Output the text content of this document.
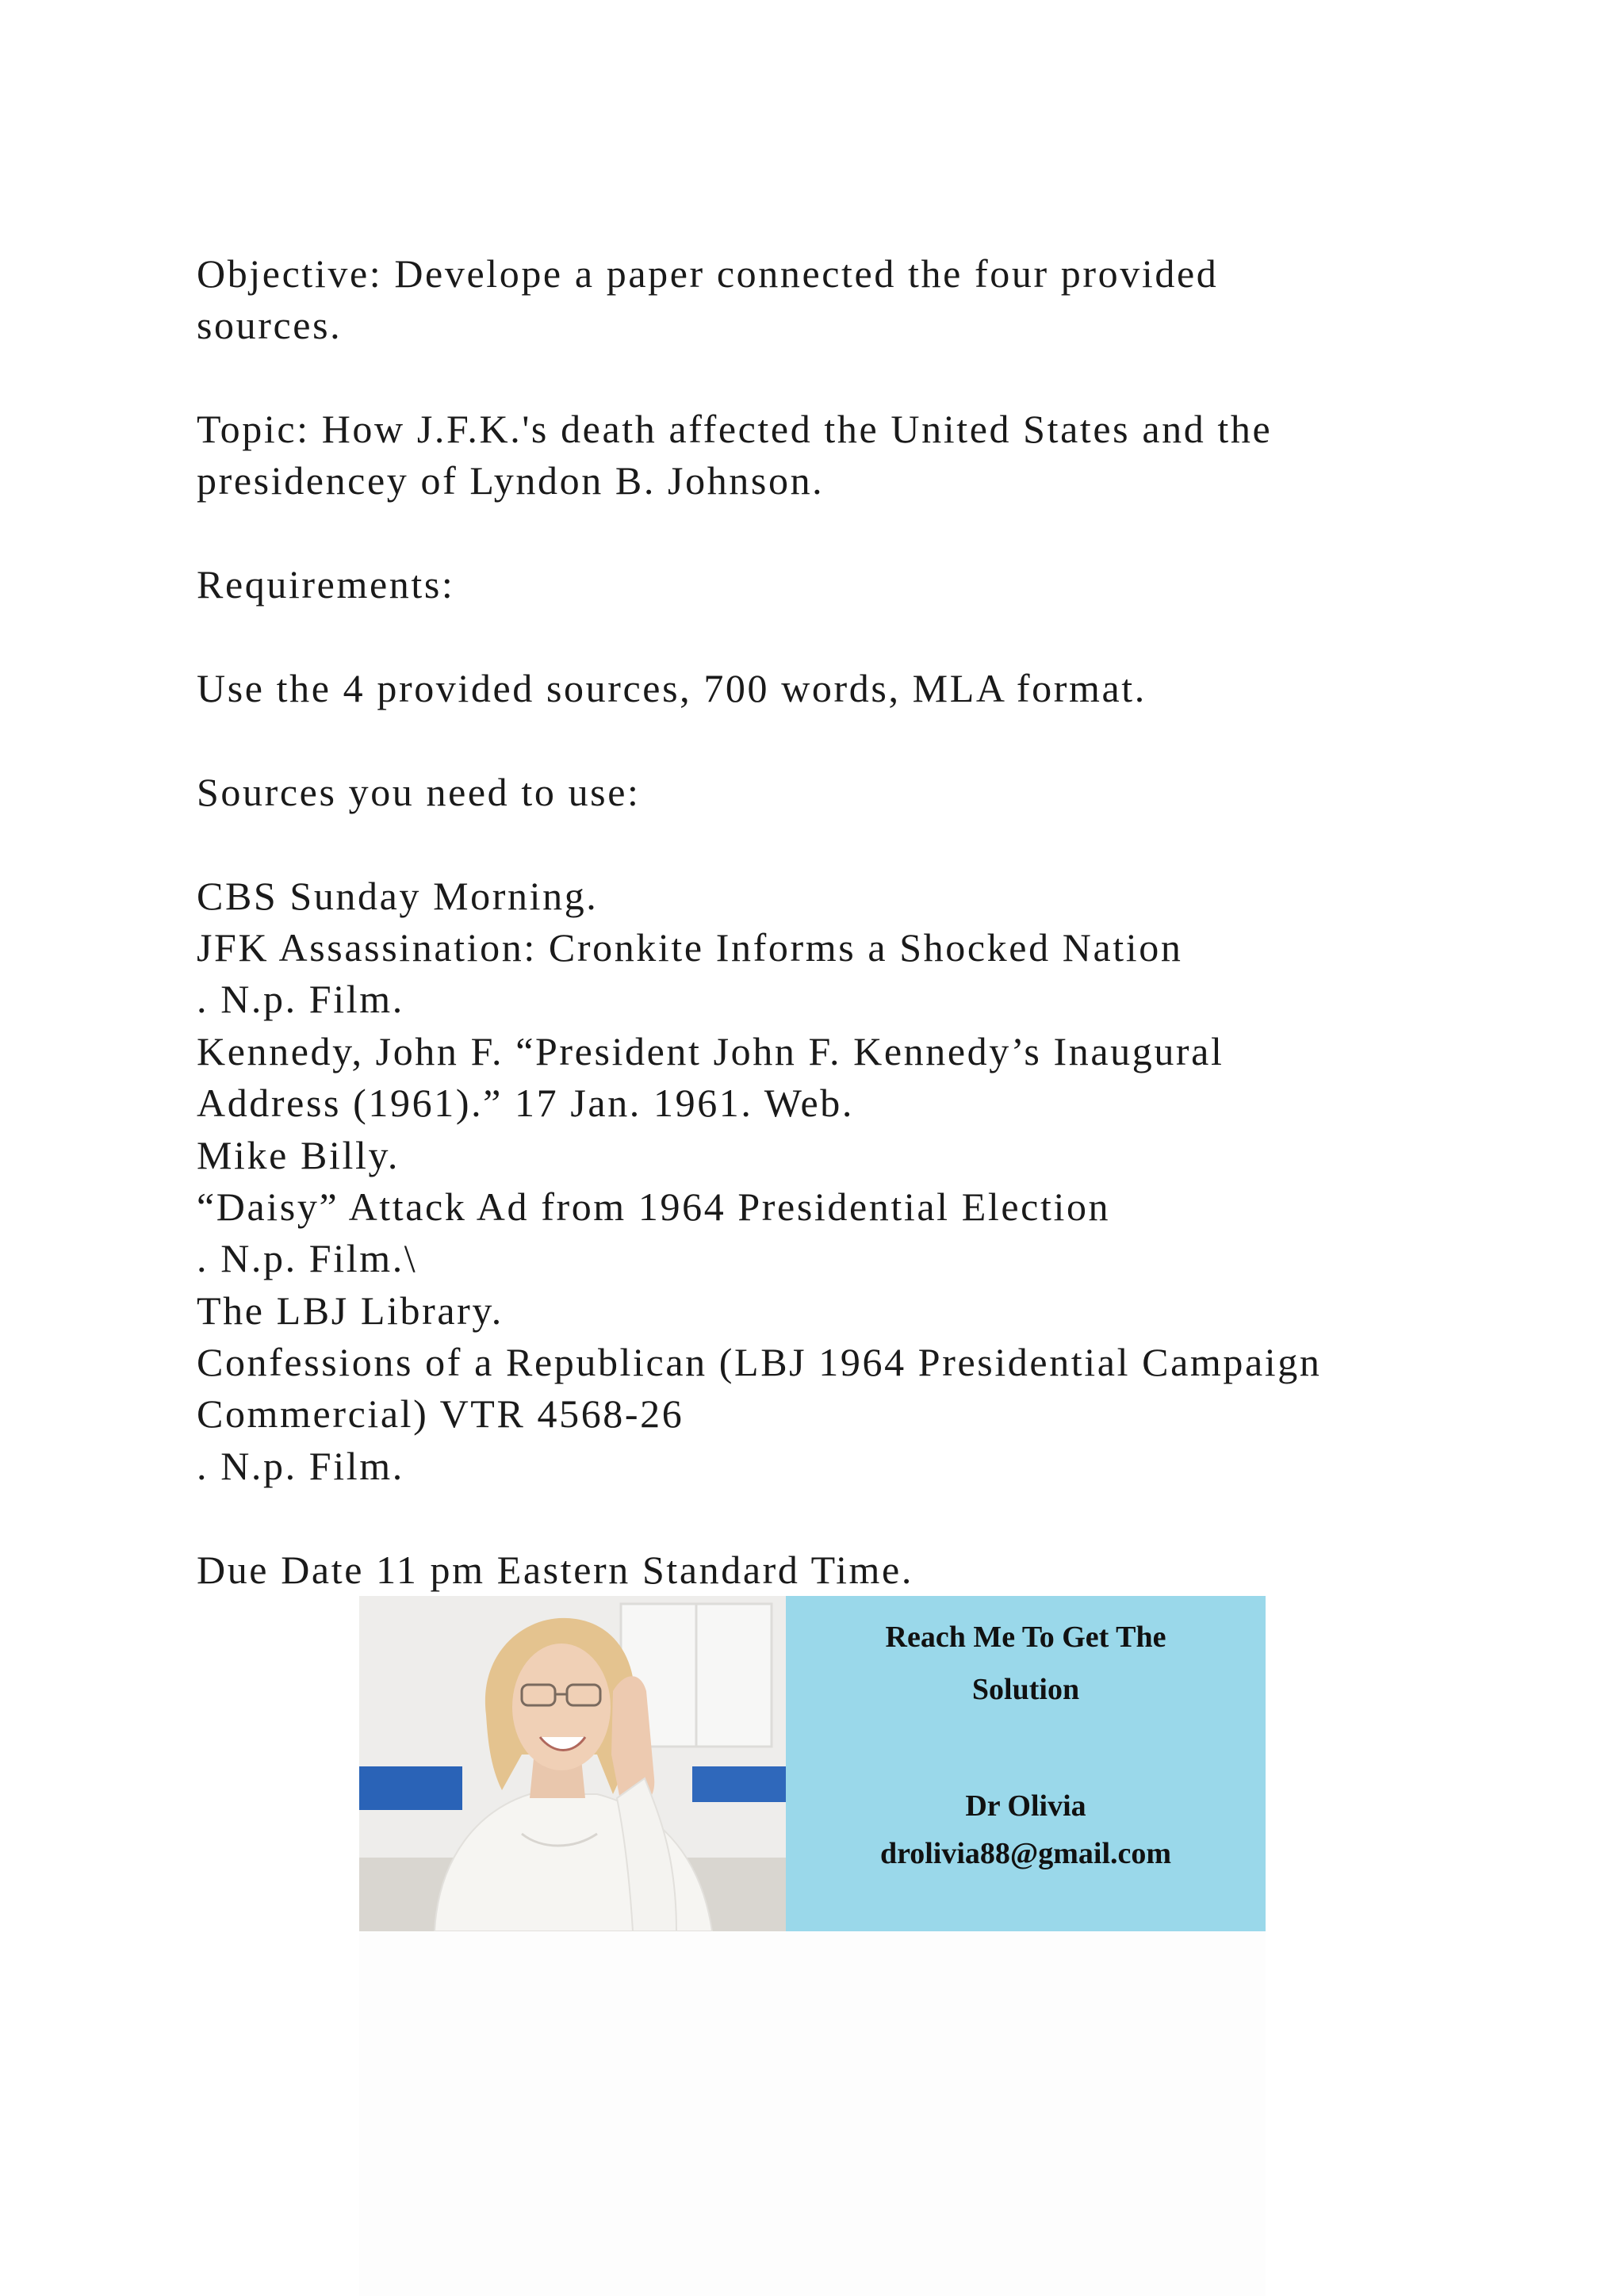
Objective: Develope a paper connected the four provided
sources.
Topic: How J.F.K.'s death affected the United States and the
presidencey of Lyndon B. Johnson.
Requirements:
Use the 4 provided sources, 700 words, MLA format.
Sources you need to use:
CBS Sunday Morning.
JFK Assassination: Cronkite Informs a Shocked Nation
. N.p. Film.
Kennedy, John F. “President John F. Kennedy’s Inaugural
Address (1961).” 17 Jan. 1961. Web.
Mike Billy.
“Daisy” Attack Ad from 1964 Presidential Election
. N.p. Film.\
The LBJ Library.
Confessions of a Republican (LBJ 1964 Presidential Campaign
Commercial) VTR 4568-26
. N.p. Film.
Due Date 11 pm Eastern Standard Time.
Reach Me To Get The
Solution
Dr Olivia
drolivia88@gmail.com
